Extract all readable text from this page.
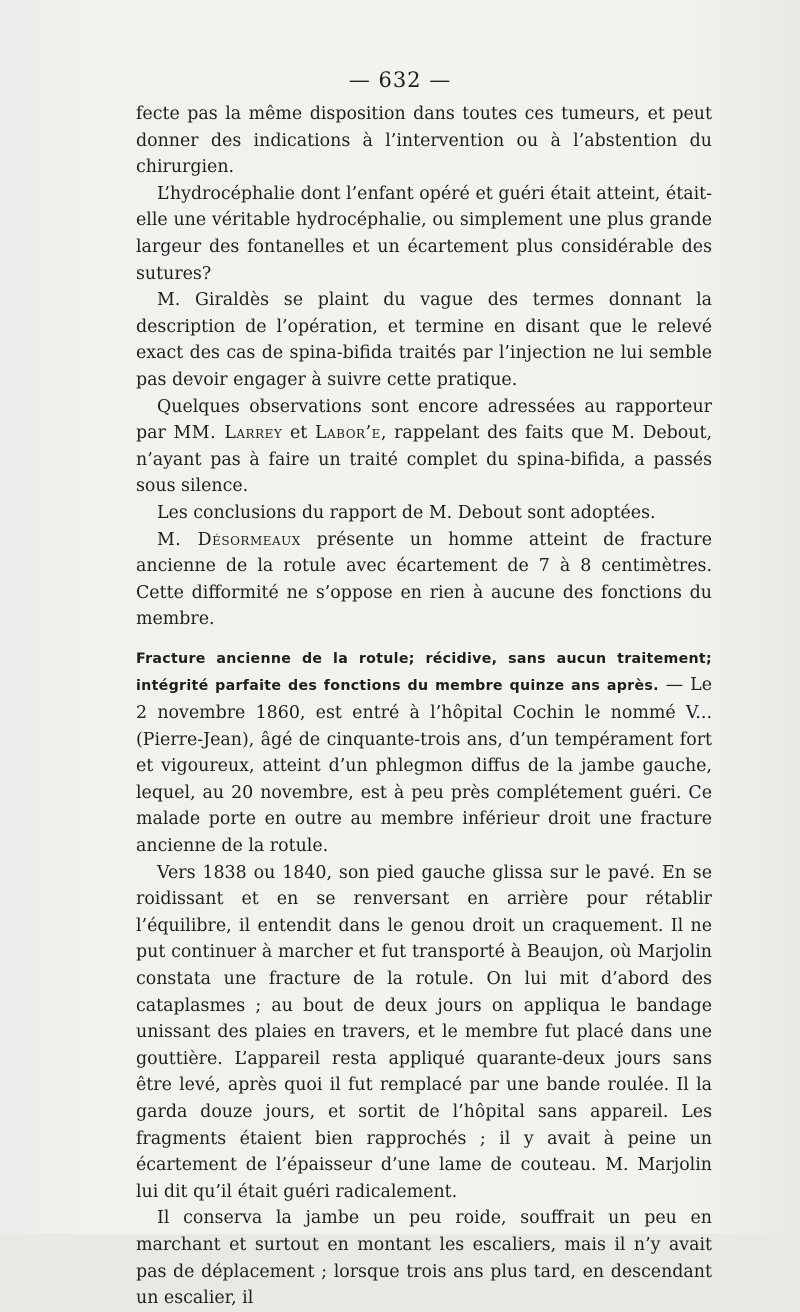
— 632 —

fecte pas la même disposition dans toutes ces tumeurs, et peut donner des indications à l’intervention ou à l’abstention du chirurgien.

L’hydrocéphalie dont l’enfant opéré et guéri était atteint, était-elle une véritable hydrocéphalie, ou simplement une plus grande largeur des fontanelles et un écartement plus considérable des sutures?

M. Giraldès se plaint du vague des termes donnant la description de l’opération, et termine en disant que le relevé exact des cas de spina-bifida traités par l’injection ne lui semble pas devoir engager à suivre cette pratique.

Quelques observations sont encore adressées au rapporteur par MM. Larrey et Labor’e, rappelant des faits que M. Debout, n’ayant pas à faire un traité complet du spina-bifida, a passés sous silence.

Les conclusions du rapport de M. Debout sont adoptées.

M. Désormeaux présente un homme atteint de fracture ancienne de la rotule avec écartement de 7 à 8 centimètres. Cette difformité ne s’oppose en rien à aucune des fonctions du membre.

Fracture ancienne de la rotule; récidive, sans aucun traitement; intégrité parfaite des fonctions du membre quinze ans après. — Le 2 novembre 1860, est entré à l’hôpital Cochin le nommé V... (Pierre-Jean), âgé de cinquante-trois ans, d’un tempérament fort et vigoureux, atteint d’un phlegmon diffus de la jambe gauche, lequel, au 20 novembre, est à peu près complétement guéri. Ce malade porte en outre au membre inférieur droit une fracture ancienne de la rotule.

Vers 1838 ou 1840, son pied gauche glissa sur le pavé. En se roidissant et en se renversant en arrière pour rétablir l’équilibre, il entendit dans le genou droit un craquement. Il ne put continuer à marcher et fut transporté à Beaujon, où Marjolin constata une fracture de la rotule. On lui mit d’abord des cataplasmes ; au bout de deux jours on appliqua le bandage unissant des plaies en travers, et le membre fut placé dans une gouttière. L’appareil resta appliqué quarante-deux jours sans être levé, après quoi il fut remplacé par une bande roulée. Il la garda douze jours, et sortit de l’hôpital sans appareil. Les fragments étaient bien rapprochés ; il y avait à peine un écartement de l’épaisseur d’une lame de couteau. M. Marjolin lui dit qu’il était guéri radicalement.

Il conserva la jambe un peu roide, souffrait un peu en marchant et surtout en montant les escaliers, mais il n’y avait pas de déplacement ; lorsque trois ans plus tard, en descendant un escalier, il
